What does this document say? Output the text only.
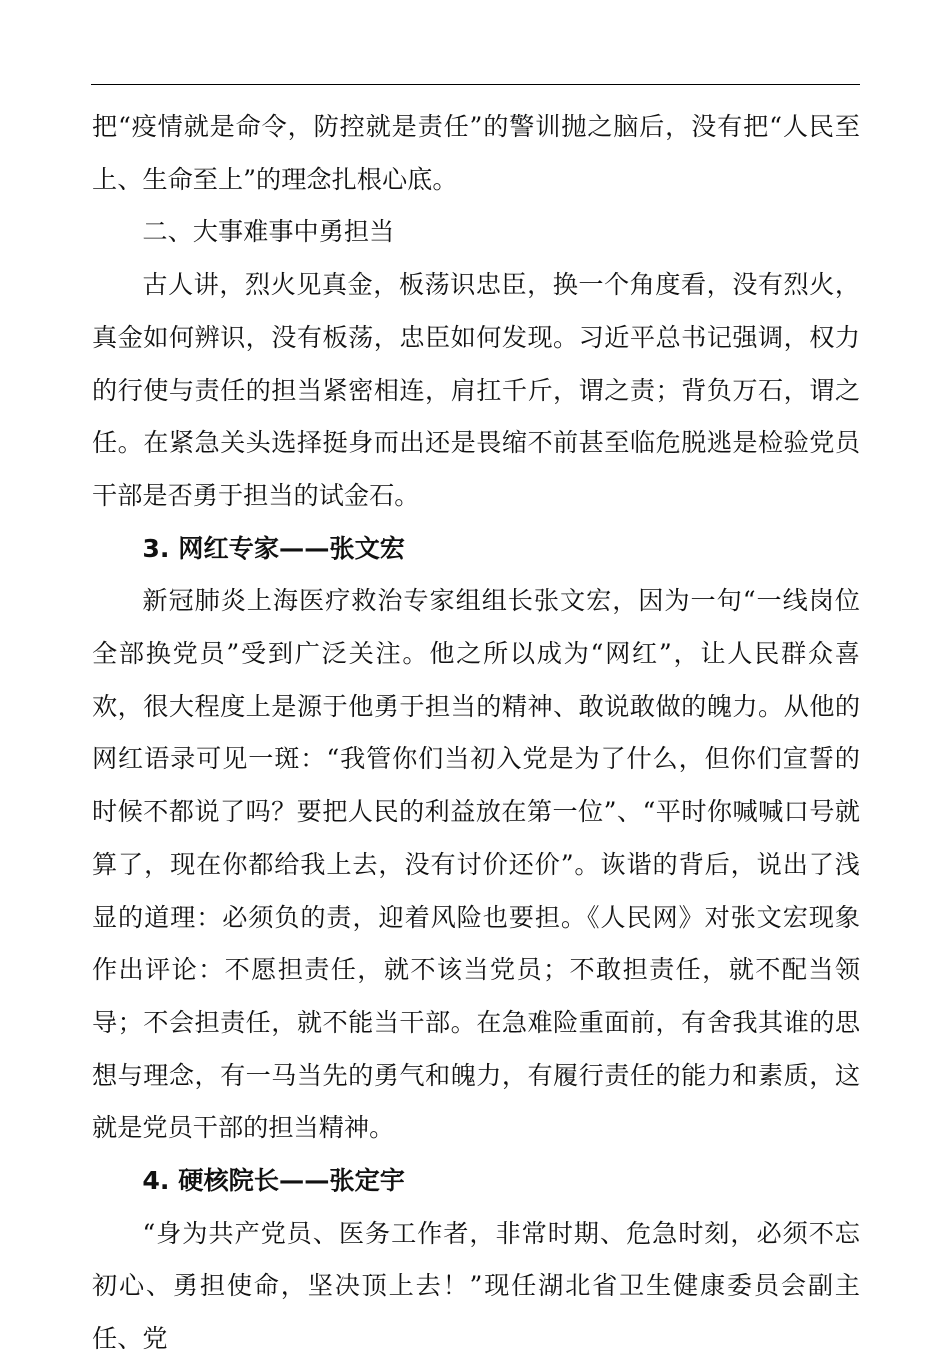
把“疫情就是命令，防控就是责任”的警训抛之脑后，没有把“人民至上、生命至上”的理念扎根心底。

二、大事难事中勇担当

古人讲，烈火见真金，板荡识忠臣，换一个角度看，没有烈火，真金如何辨识，没有板荡，忠臣如何发现。习近平总书记强调，权力的行使与责任的担当紧密相连，肩扛千斤，谓之责；背负万石，谓之任。在紧急关头选择挺身而出还是畏缩不前甚至临危脱逃是检验党员干部是否勇于担当的试金石。

3. 网红专家——张文宏

新冠肺炎上海医疗救治专家组组长张文宏，因为一句“一线岗位全部换党员”受到广泛关注。他之所以成为“网红”，让人民群众喜欢，很大程度上是源于他勇于担当的精神、敢说敢做的魄力。从他的网红语录可见一斑：“我管你们当初入党是为了什么，但你们宣誓的时候不都说了吗？要把人民的利益放在第一位”、“平时你喊喊口号就算了，现在你都给我上去，没有讨价还价”。诙谐的背后，说出了浅显的道理：必须负的责，迎着风险也要担。《人民网》对张文宏现象作出评论：不愿担责任，就不该当党员；不敢担责任，就不配当领导；不会担责任，就不能当干部。在急难险重面前，有舍我其谁的思想与理念，有一马当先的勇气和魄力，有履行责任的能力和素质，这就是党员干部的担当精神。

4. 硬核院长——张定宇

“身为共产党员、医务工作者，非常时期、危急时刻，必须不忘初心、勇担使命，坚决顶上去！”现任湖北省卫生健康委员会副主任、党
